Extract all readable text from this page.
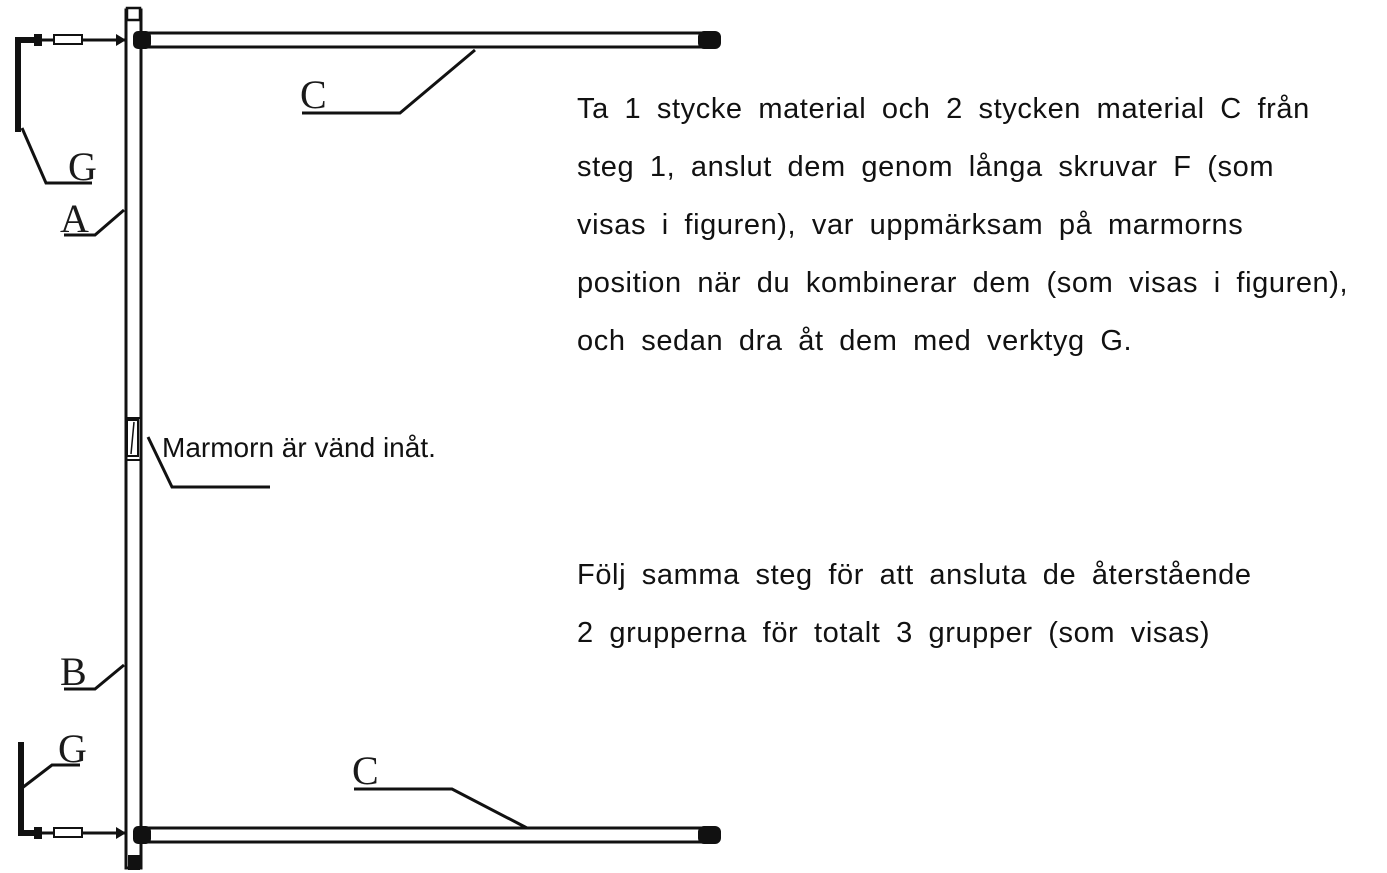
C
G
A
B
G	C
Marmorn är vänd inåt.
Ta 1 stycke material och 2 stycken material C från
steg 1, anslut dem genom långa skruvar F (som
visas i figuren), var uppmärksam på marmorns
position när du kombinerar dem (som visas i figuren),
och sedan dra åt dem med verktyg G.
Följ samma steg för att ansluta de återstående
2 grupperna för totalt 3 grupper (som visas)
